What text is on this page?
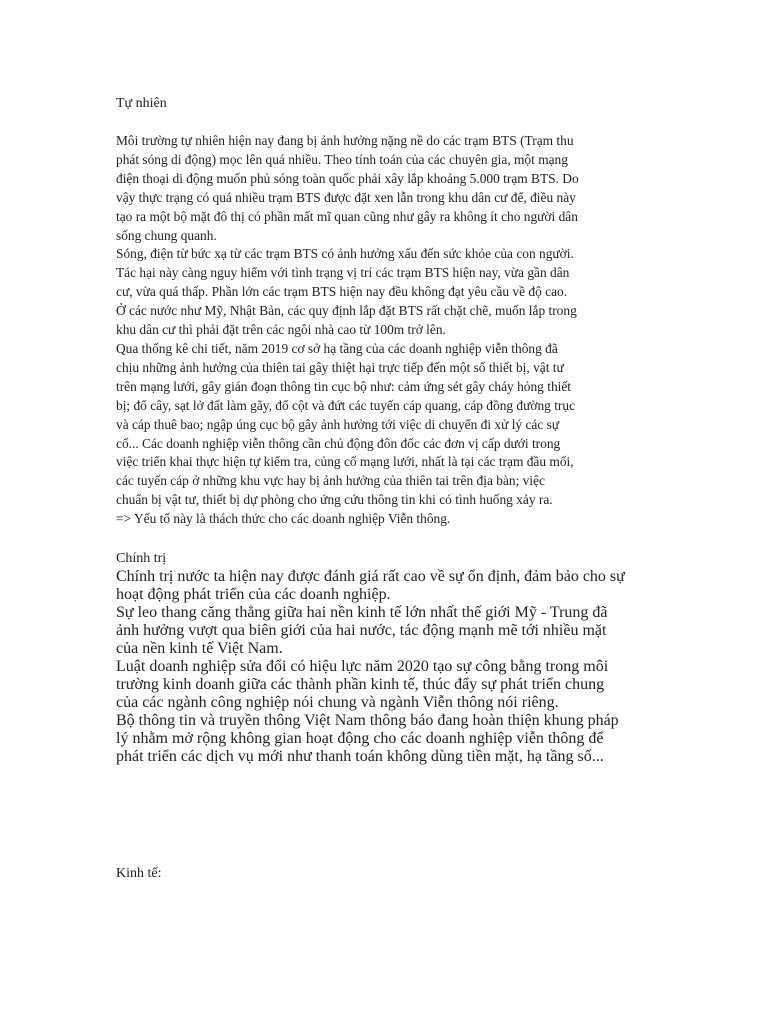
Tự nhiên

Môi trường tự nhiên hiện nay đang bị ảnh hưởng nặng nề do các trạm BTS (Trạm thu

phát sóng di động) mọc lên quá nhiều. Theo tính toán của các chuyên gia, một mạng

điện thoại di động muốn phủ sóng toàn quốc phải xây lắp khoảng 5.000 trạm BTS. Do

vậy thực trạng có quá nhiều trạm BTS được đặt xen lẫn trong khu dân cư để, điều này

tạo ra một bộ mặt đô thị có phần mất mĩ quan cũng như gây ra không ít cho người dân

sống chung quanh.

Sóng, điện từ bức xạ từ các trạm BTS có ảnh hưởng xấu đến sức khỏe của con người.

Tác hại này càng nguy hiểm với tình trạng vị trí các trạm BTS hiện nay, vừa gần dân

cư, vừa quá thấp. Phần lớn các trạm BTS hiện nay đều không đạt yêu cầu về độ cao.

Ở các nước như Mỹ, Nhật Bản, các quy định lắp đặt BTS rất chặt chẽ, muốn lắp trong

khu dân cư thì phải đặt trên các ngôi nhà cao từ 100m trở lên.

Qua thống kê chi tiết, năm 2019 cơ sở hạ tầng của các doanh nghiệp viễn thông đã

chịu những ảnh hưởng của thiên tai gây thiệt hại trực tiếp đến một số thiết bị, vật tư

trên mạng lưới, gây gián đoạn thông tin cục bộ như: cảm ứng sét gây cháy hỏng thiết

bị; đổ cây, sạt lở đất làm gãy, đổ cột và đứt các tuyến cáp quang, cáp đồng đường trục

và cáp thuê bao; ngập úng cục bộ gây ảnh hưởng tới việc di chuyển đi xử lý các sự

cố... Các doanh nghiệp viễn thông cần chủ động đôn đốc các đơn vị cấp dưới trong

việc triển khai thực hiện tự kiểm tra, củng cố mạng lưới, nhất là tại các trạm đầu mối,

các tuyến cáp ở những khu vực hay bị ảnh hưởng của thiên tai trên địa bàn; việc

chuẩn bị vật tư, thiết bị dự phòng cho ứng cứu thông tin khi có tình huống xảy ra.

=> Yếu tố này là thách thức cho các doanh nghiệp Viễn thông.

Chính trị

Chính trị nước ta hiện nay được đánh giá rất cao về sự ổn định, đảm bảo cho sự

hoạt động phát triển của các doanh nghiệp.

Sự leo thang căng thẳng giữa hai nền kinh tế lớn nhất thế giới Mỹ - Trung đã

ảnh hưởng vượt qua biên giới của hai nước, tác động mạnh mẽ tới nhiều mặt

của nền kinh tế Việt Nam.

Luật doanh nghiệp sửa đổi có hiệu lực năm 2020 tạo sự công bằng trong môi

trường kinh doanh giữa các thành phần kinh tế, thúc đẩy sự phát triển chung

của các ngành công nghiệp nói chung và ngành Viễn thông nói riêng.

Bộ thông tin và truyền thông Việt Nam thông báo đang hoàn thiện khung pháp

lý nhằm mở rộng không gian hoạt động cho các doanh nghiệp viễn thông để

phát triển các dịch vụ mới như thanh toán không dùng tiền mặt, hạ tầng số...

Kinh tế:
